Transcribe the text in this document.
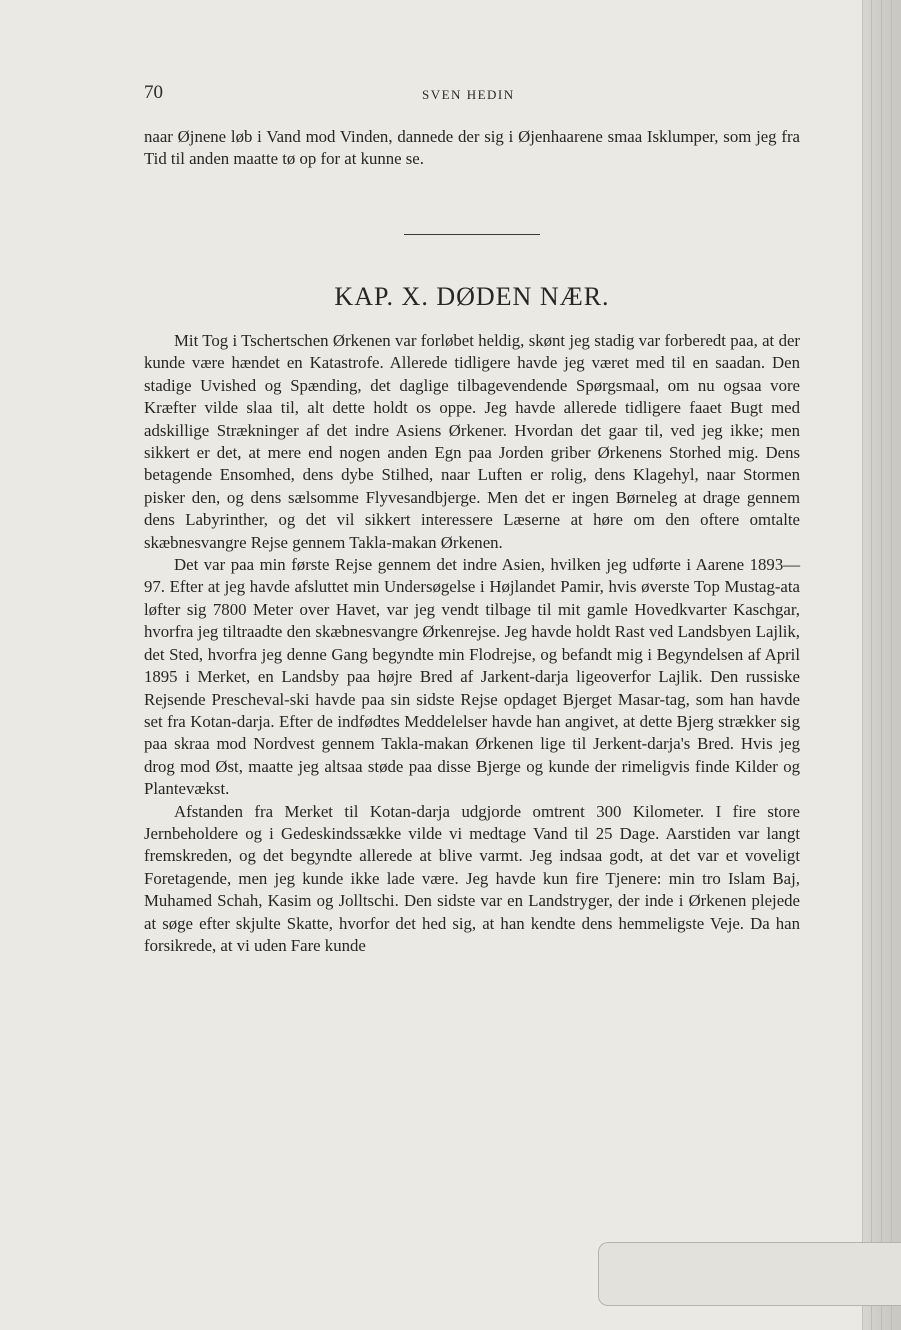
70	SVEN HEDIN

naar Øjnene løb i Vand mod Vinden, dannede der sig i Øjenhaarene smaa Isklumper, som jeg fra Tid til anden maatte tø op for at kunne se.

KAP. X. DØDEN NÆR.

Mit Tog i Tschertschen Ørkenen var forløbet heldig, skønt jeg stadig var forberedt paa, at der kunde være hændet en Katastrofe. Allerede tidligere havde jeg været med til en saadan. Den stadige Uvished og Spænding, det daglige tilbagevendende Spørgsmaal, om nu ogsaa vore Kræfter vilde slaa til, alt dette holdt os oppe. Jeg havde allerede tidligere faaet Bugt med adskillige Strækninger af det indre Asiens Ørkener. Hvordan det gaar til, ved jeg ikke; men sikkert er det, at mere end nogen anden Egn paa Jorden griber Ørkenens Storhed mig. Dens betagende Ensomhed, dens dybe Stilhed, naar Luften er rolig, dens Klagehyl, naar Stormen pisker den, og dens sælsomme Flyvesandbjerge. Men det er ingen Børneleg at drage gennem dens Labyrinther, og det vil sikkert interessere Læserne at høre om den oftere omtalte skæbnesvangre Rejse gennem Takla-makan Ørkenen.

Det var paa min første Rejse gennem det indre Asien, hvilken jeg udførte i Aarene 1893—97. Efter at jeg havde afsluttet min Undersøgelse i Højlandet Pamir, hvis øverste Top Mustag-ata løfter sig 7800 Meter over Havet, var jeg vendt tilbage til mit gamle Hovedkvarter Kaschgar, hvorfra jeg tiltraadte den skæbnesvangre Ørkenrejse. Jeg havde holdt Rast ved Landsbyen Lajlik, det Sted, hvorfra jeg denne Gang begyndte min Flodrejse, og befandt mig i Begyndelsen af April 1895 i Merket, en Landsby paa højre Bred af Jarkent-darja ligeoverfor Lajlik. Den russiske Rejsende Prescheval-ski havde paa sin sidste Rejse opdaget Bjerget Masar-tag, som han havde set fra Kotan-darja. Efter de indfødtes Meddelelser havde han angivet, at dette Bjerg strækker sig paa skraa mod Nordvest gennem Takla-makan Ørkenen lige til Jerkent-darja's Bred. Hvis jeg drog mod Øst, maatte jeg altsaa støde paa disse Bjerge og kunde der rimeligvis finde Kilder og Plantevækst.

Afstanden fra Merket til Kotan-darja udgjorde omtrent 300 Kilometer. I fire store Jernbeholdere og i Gedeskindssække vilde vi medtage Vand til 25 Dage. Aarstiden var langt fremskreden, og det begyndte allerede at blive varmt. Jeg indsaa godt, at det var et voveligt Foretagende, men jeg kunde ikke lade være. Jeg havde kun fire Tjenere: min tro Islam Baj, Muhamed Schah, Kasim og Jolltschi. Den sidste var en Landstryger, der inde i Ørkenen plejede at søge efter skjulte Skatte, hvorfor det hed sig, at han kendte dens hemmeligste Veje. Da han forsikrede, at vi uden Fare kunde
